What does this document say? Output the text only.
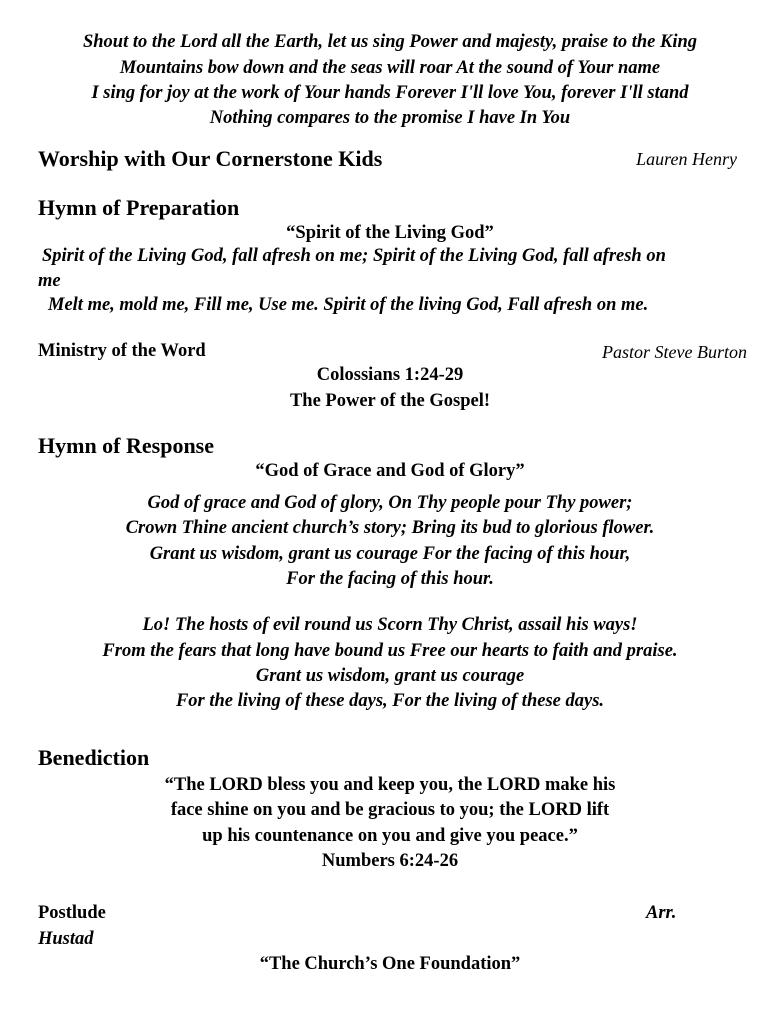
Shout to the Lord all the Earth, let us sing Power and majesty, praise to the King
Mountains bow down and the seas will roar At the sound of Your name
I sing for joy at the work of Your hands Forever I'll love You, forever I'll stand
Nothing compares to the promise I have In You
Worship with Our Cornerstone Kids	Lauren Henry
Hymn of Preparation
“Spirit of the Living God”
Spirit of the Living God, fall afresh on me; Spirit of the Living God, fall afresh on
me
Melt me, mold me, Fill me, Use me. Spirit of the living God, Fall afresh on me.
Ministry of the Word	Pastor Steve Burton
Colossians 1:24-29
The Power of the Gospel!
Hymn of Response
“God of Grace and God of Glory”
God of grace and God of glory, On Thy people pour Thy power;
Crown Thine ancient church’s story; Bring its bud to glorious flower.
Grant us wisdom, grant us courage For the facing of this hour,
For the facing of this hour.
Lo! The hosts of evil round us Scorn Thy Christ, assail his ways!
From the fears that long have bound us Free our hearts to faith and praise.
Grant us wisdom, grant us courage
For the living of these days, For the living of these days.
Benediction
“The LORD bless you and keep you, the LORD make his
face shine on you and be gracious to you; the LORD lift
up his countenance on you and give you peace.”
Numbers 6:24-26
Postlude	Arr.
Hustad
“The Church’s One Foundation”
